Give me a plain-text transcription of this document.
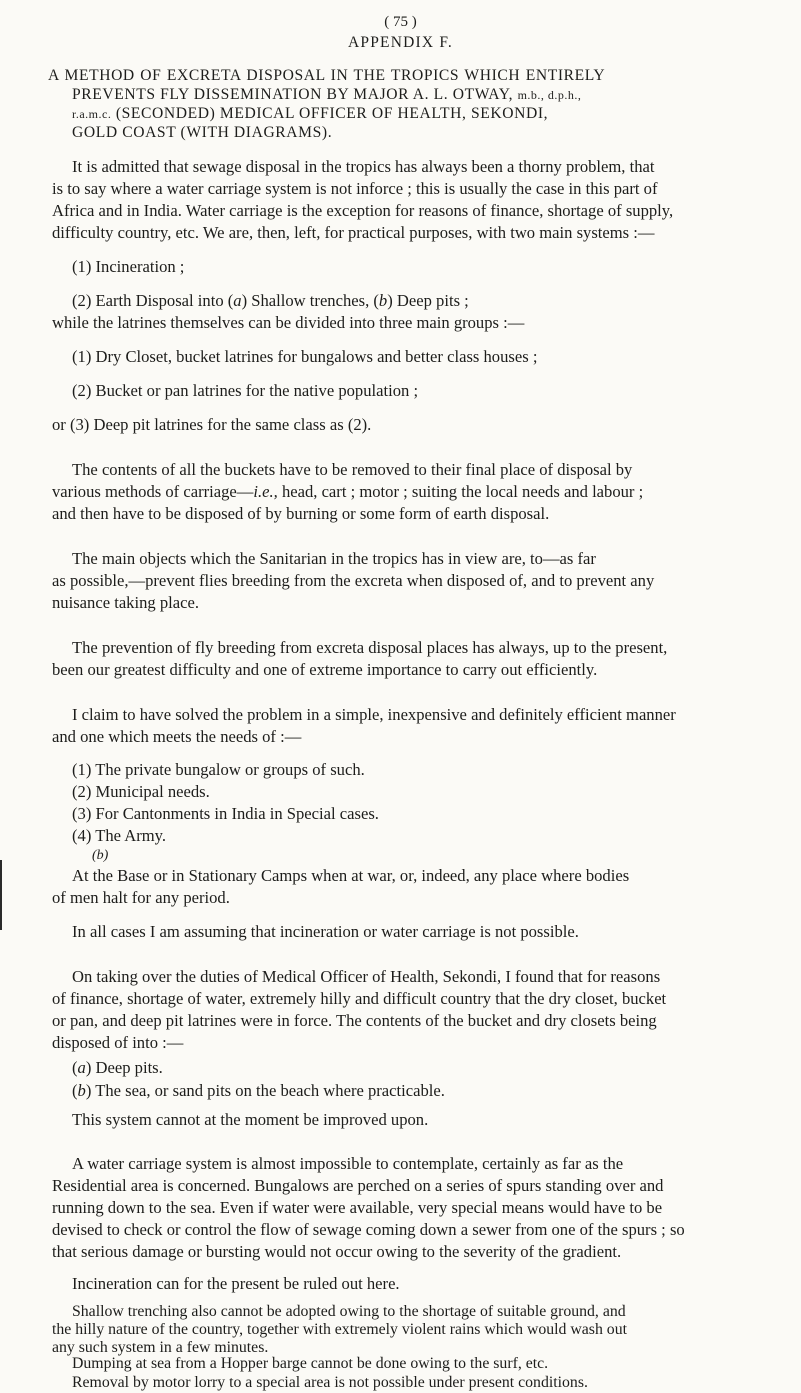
( 75 )
APPENDIX F.
A METHOD OF EXCRETA DISPOSAL IN THE TROPICS WHICH ENTIRELY
PREVENTS FLY DISSEMINATION BY MAJOR A. L. OTWAY, m.b., d.p.h.,
r.a.m.c. (SECONDED) MEDICAL OFFICER OF HEALTH, SEKONDI,
GOLD COAST (WITH DIAGRAMS).
It is admitted that sewage disposal in the tropics has always been a thorny problem, that
is to say where a water carriage system is not inforce ; this is usually the case in this part of
Africa and in India. Water carriage is the exception for reasons of finance, shortage of supply,
difficulty country, etc. We are, then, left, for practical purposes, with two main systems :—
(1) Incineration ;
(2) Earth Disposal into (a) Shallow trenches, (b) Deep pits ;
while the latrines themselves can be divided into three main groups :—
(1) Dry Closet, bucket latrines for bungalows and better class houses ;
(2) Bucket or pan latrines for the native population ;
or (3) Deep pit latrines for the same class as (2).
The contents of all the buckets have to be removed to their final place of disposal by
various methods of carriage—i.e., head, cart ; motor ; suiting the local needs and labour ;
and then have to be disposed of by burning or some form of earth disposal.
The main objects which the Sanitarian in the tropics has in view are, to—as far
as possible,—prevent flies breeding from the excreta when disposed of, and to prevent any
nuisance taking place.
The prevention of fly breeding from excreta disposal places has always, up to the present,
been our greatest difficulty and one of extreme importance to carry out efficiently.
I claim to have solved the problem in a simple, inexpensive and definitely efficient manner
and one which meets the needs of :—
(1) The private bungalow or groups of such.
(2) Municipal needs.
(3) For Cantonments in India in Special cases.
(4) The Army.
(b)
At the Base or in Stationary Camps when at war, or, indeed, any place where bodies
of men halt for any period.
In all cases I am assuming that incineration or water carriage is not possible.
On taking over the duties of Medical Officer of Health, Sekondi, I found that for reasons
of finance, shortage of water, extremely hilly and difficult country that the dry closet, bucket
or pan, and deep pit latrines were in force. The contents of the bucket and dry closets being
disposed of into :—
(a) Deep pits.
(b) The sea, or sand pits on the beach where practicable.
This system cannot at the moment be improved upon.
A water carriage system is almost impossible to contemplate, certainly as far as the
Residential area is concerned. Bungalows are perched on a series of spurs standing over and
running down to the sea. Even if water were available, very special means would have to be
devised to check or control the flow of sewage coming down a sewer from one of the spurs ; so
that serious damage or bursting would not occur owing to the severity of the gradient.
Incineration can for the present be ruled out here.
Shallow trenching also cannot be adopted owing to the shortage of suitable ground, and
the hilly nature of the country, together with extremely violent rains which would wash out
any such system in a few minutes.
Dumping at sea from a Hopper barge cannot be done owing to the surf, etc.
Removal by motor lorry to a special area is not possible under present conditions.
